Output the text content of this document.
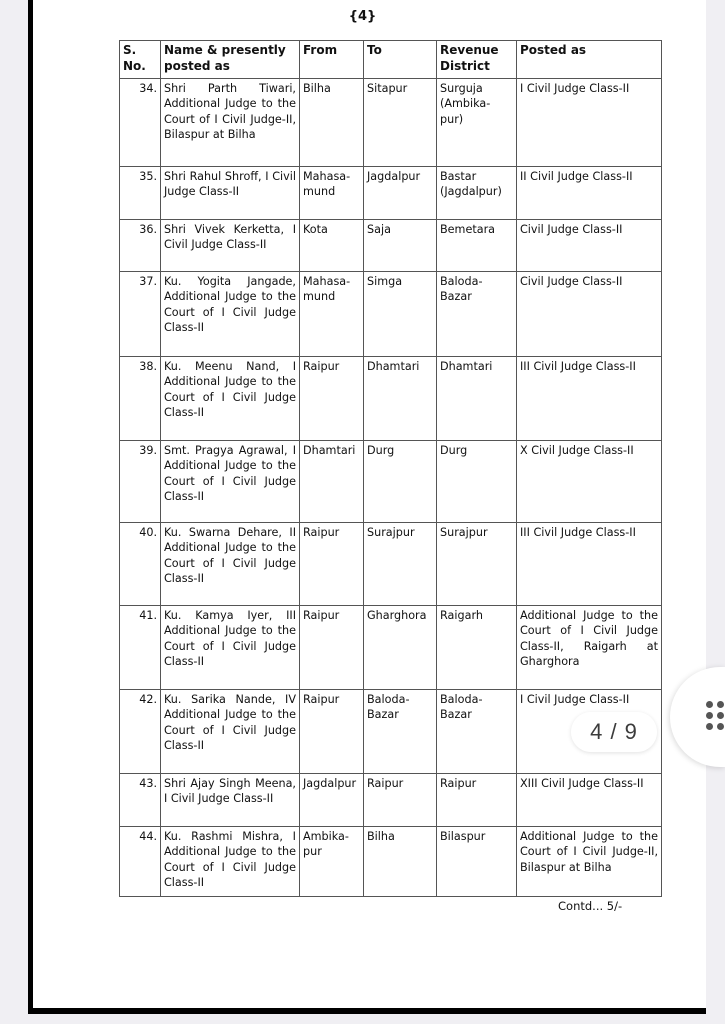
{4}
S. No.	Name & presently posted as	From	To	Revenue District	Posted as
34.	Shri Parth Tiwari, Additional Judge to the Court of I Civil Judge-II, Bilaspur at Bilha	Bilha	Sitapur	Surguja (Ambika-pur)	I Civil Judge Class-II
35.	Shri Rahul Shroff, I Civil Judge Class-II	Mahasa-mund	Jagdalpur	Bastar (Jagdalpur)	II Civil Judge Class-II
36.	Shri Vivek Kerketta, I Civil Judge Class-II	Kota	Saja	Bemetara	Civil Judge Class-II
37.	Ku. Yogita Jangade, Additional Judge to the Court of I Civil Judge Class-II	Mahasa-mund	Simga	Baloda-Bazar	Civil Judge Class-II
38.	Ku. Meenu Nand, I Additional Judge to the Court of I Civil Judge Class-II	Raipur	Dhamtari	Dhamtari	III Civil Judge Class-II
39.	Smt. Pragya Agrawal, I Additional Judge to the Court of I Civil Judge Class-II	Dhamtari	Durg	Durg	X Civil Judge Class-II
40.	Ku. Swarna Dehare, II Additional Judge to the Court of I Civil Judge Class-II	Raipur	Surajpur	Surajpur	III Civil Judge Class-II
41.	Ku. Kamya Iyer, III Additional Judge to the Court of I Civil Judge Class-II	Raipur	Gharghora	Raigarh	Additional Judge to the Court of I Civil Judge Class-II, Raigarh at Gharghora
42.	Ku. Sarika Nande, IV Additional Judge to the Court of I Civil Judge Class-II	Raipur	Baloda-Bazar	Baloda-Bazar	I Civil Judge Class-II
43.	Shri Ajay Singh Meena, I Civil Judge Class-II	Jagdalpur	Raipur	Raipur	XIII Civil Judge Class-II
44.	Ku. Rashmi Mishra, I Additional Judge to the Court of I Civil Judge Class-II	Ambika-pur	Bilha	Bilaspur	Additional Judge to the Court of I Civil Judge-II, Bilaspur at Bilha
Contd... 5/-
4 / 9
